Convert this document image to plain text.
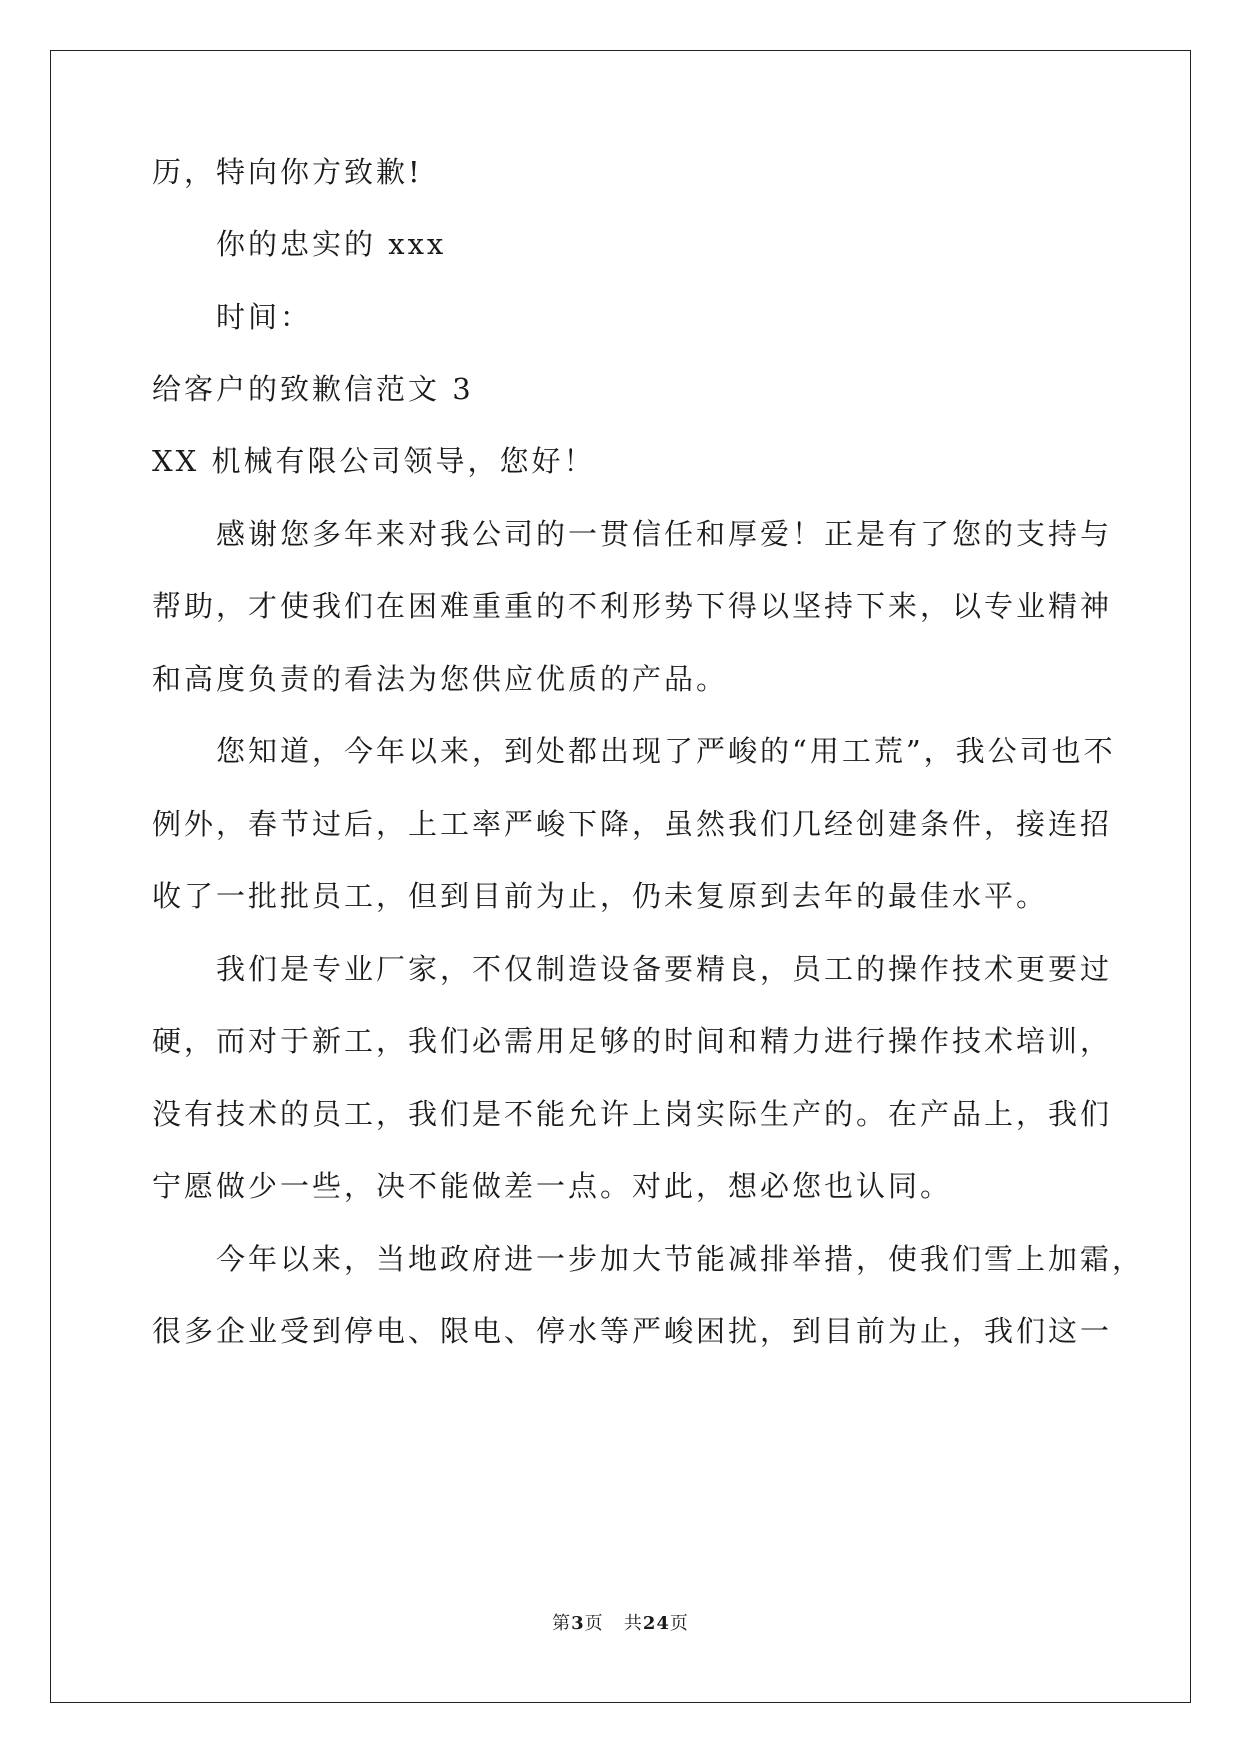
历，特向你方致歉!
你的忠实的 xxx
时间：
给客户的致歉信范文 3
XX 机械有限公司领导，您好！
感谢您多年来对我公司的一贯信任和厚爱！正是有了您的支持与
帮助，才使我们在困难重重的不利形势下得以坚持下来，以专业精神
和高度负责的看法为您供应优质的产品。
您知道，今年以来，到处都出现了严峻的“用工荒”，我公司也不
例外，春节过后，上工率严峻下降，虽然我们几经创建条件，接连招
收了一批批员工，但到目前为止，仍未复原到去年的最佳水平。
我们是专业厂家，不仅制造设备要精良，员工的操作技术更要过
硬，而对于新工，我们必需用足够的时间和精力进行操作技术培训，
没有技术的员工，我们是不能允许上岗实际生产的。在产品上，我们
宁愿做少一些，决不能做差一点。对此，想必您也认同。
今年以来，当地政府进一步加大节能减排举措，使我们雪上加霜，
很多企业受到停电、限电、停水等严峻困扰，到目前为止，我们这一
第3页 共24页
